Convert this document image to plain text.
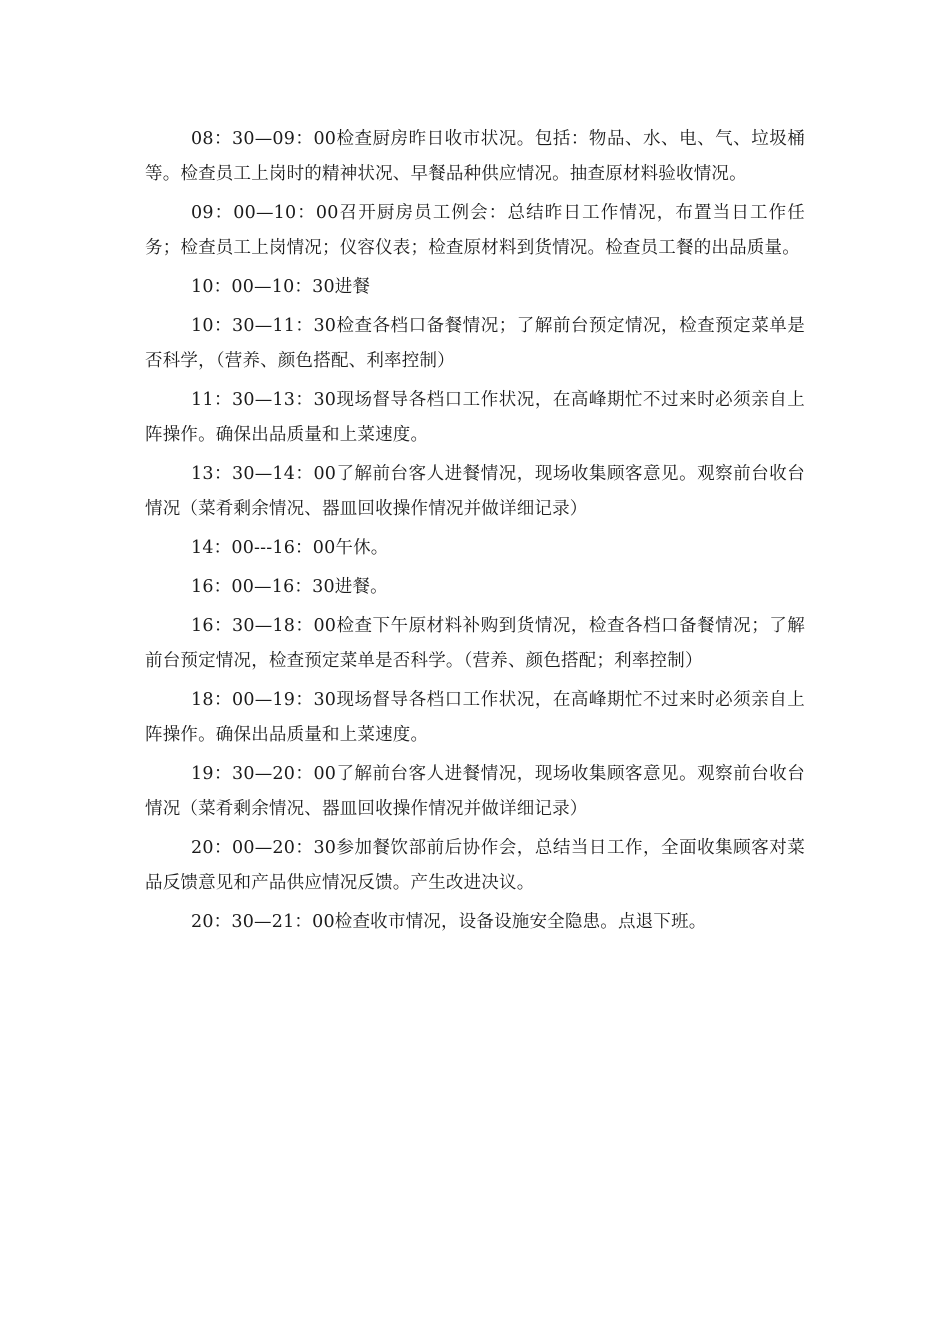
08：30—09：00检查厨房昨日收市状况。包括：物品、水、电、气、垃圾桶等。检查员工上岗时的精神状况、早餐品种供应情况。抽查原材料验收情况。

09：00—10：00召开厨房员工例会：总结昨日工作情况，布置当日工作任务；检查员工上岗情况；仪容仪表；检查原材料到货情况。检查员工餐的出品质量。

10：00—10：30进餐

10：30—11：30检查各档口备餐情况；了解前台预定情况，检查预定菜单是否科学，（营养、颜色搭配、利率控制）

11：30—13：30现场督导各档口工作状况，在高峰期忙不过来时必须亲自上阵操作。确保出品质量和上菜速度。

13：30—14：00了解前台客人进餐情况，现场收集顾客意见。观察前台收台情况（菜肴剩余情况、器皿回收操作情况并做详细记录）

14：00---16：00午休。

16：00—16：30进餐。

16：30—18：00检查下午原材料补购到货情况，检查各档口备餐情况；了解前台预定情况，检查预定菜单是否科学。（营养、颜色搭配；利率控制）

18：00—19：30现场督导各档口工作状况，在高峰期忙不过来时必须亲自上阵操作。确保出品质量和上菜速度。

19：30—20：00了解前台客人进餐情况，现场收集顾客意见。观察前台收台情况（菜肴剩余情况、器皿回收操作情况并做详细记录）

20：00—20：30参加餐饮部前后协作会，总结当日工作，全面收集顾客对菜品反馈意见和产品供应情况反馈。产生改进决议。

20：30—21：00检查收市情况，设备设施安全隐患。点退下班。
